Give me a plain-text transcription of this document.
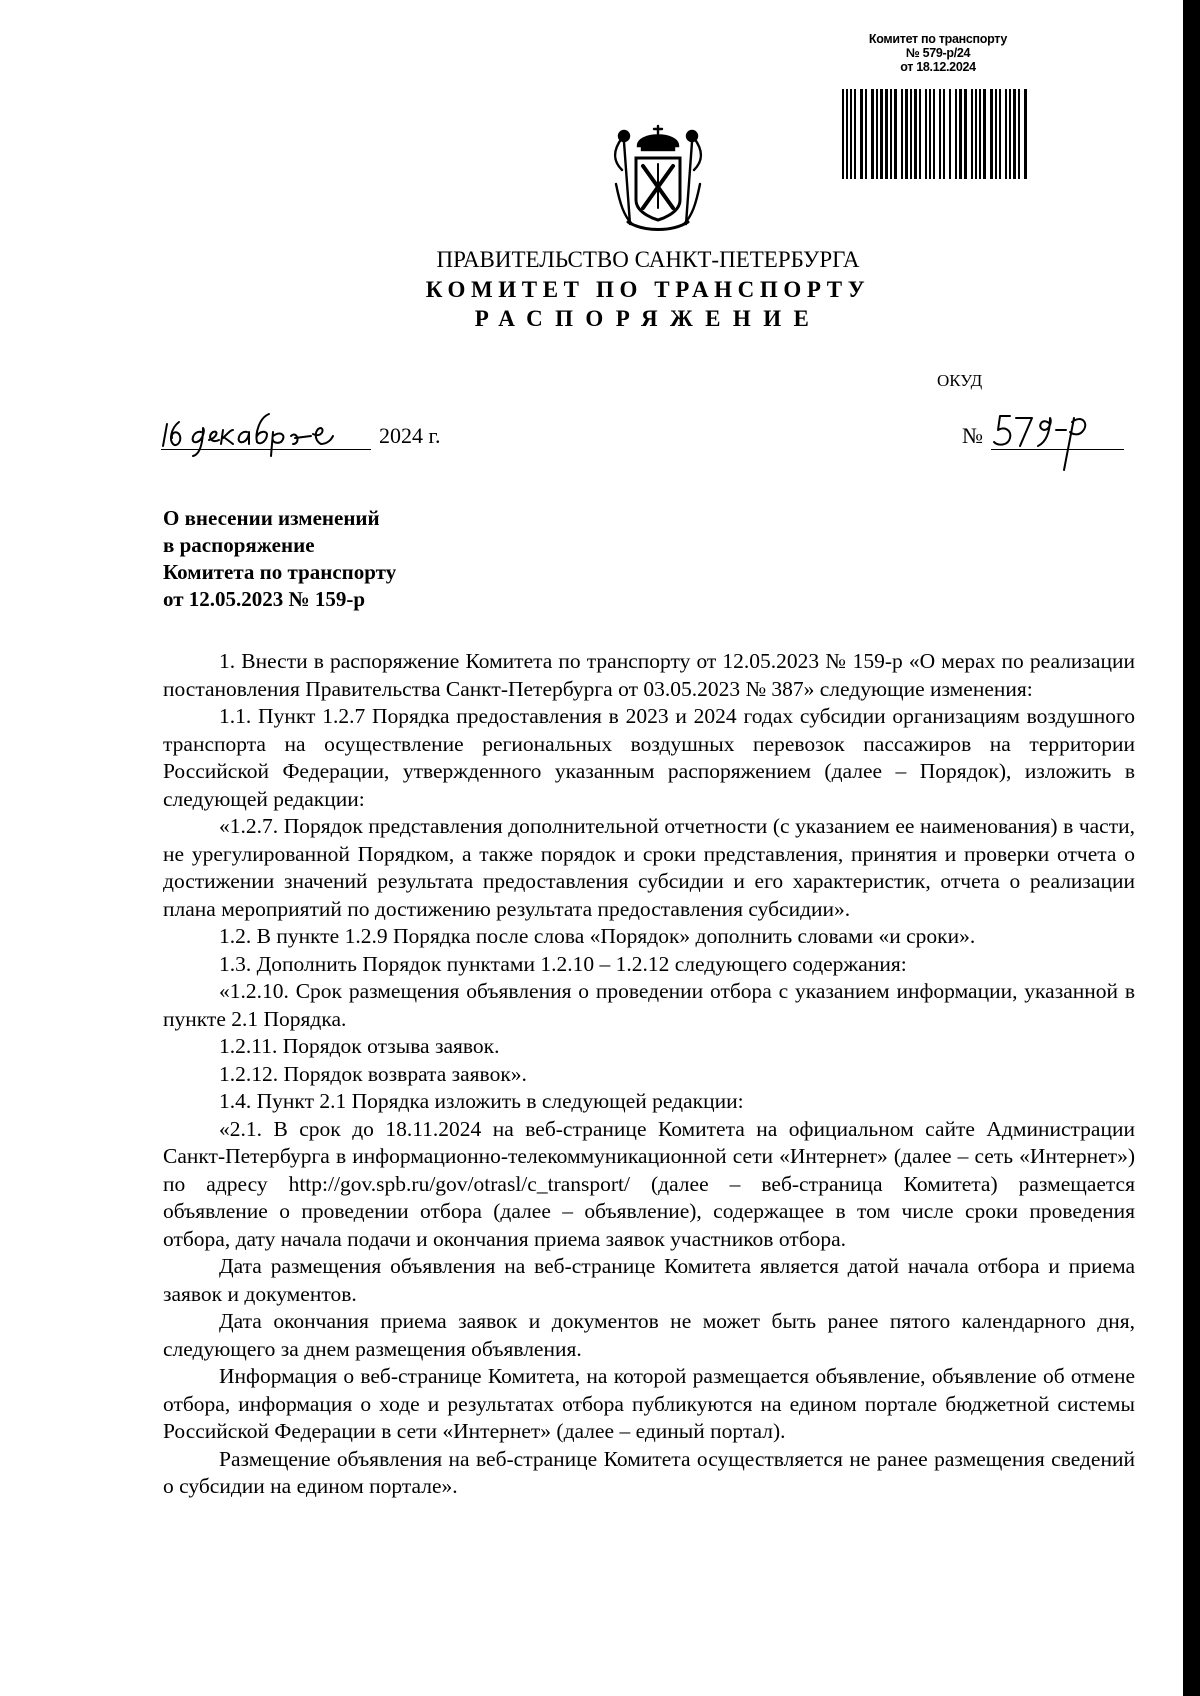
Комитет по транспорту
№ 579-р/24
от 18.12.2024
ПРАВИТЕЛЬСТВО САНКТ-ПЕТЕРБУРГА
КОМИТЕТ ПО ТРАНСПОРТУ
РАСПОРЯЖЕНИЕ
ОКУД
2024 г.	№
О внесении изменений
в распоряжение
Комитета по транспорту
от 12.05.2023 № 159-р

1. Внести в распоряжение Комитета по транспорту от 12.05.2023 № 159-р «О мерах по реализации постановления Правительства Санкт-Петербурга от 03.05.2023 № 387» следующие изменения:

1.1. Пункт 1.2.7 Порядка предоставления в 2023 и 2024 годах субсидии организациям воздушного транспорта на осуществление региональных воздушных перевозок пассажиров на территории Российской Федерации, утвержденного указанным распоряжением (далее – Порядок), изложить в следующей редакции:

«1.2.7. Порядок представления дополнительной отчетности (с указанием ее наименования) в части, не урегулированной Порядком, а также порядок и сроки представления, принятия и проверки отчета о достижении значений результата предоставления субсидии и его характеристик, отчета о реализации плана мероприятий по достижению результата предоставления субсидии».

1.2. В пункте 1.2.9 Порядка после слова «Порядок» дополнить словами «и сроки».

1.3. Дополнить Порядок пунктами 1.2.10 – 1.2.12 следующего содержания:

«1.2.10. Срок размещения объявления о проведении отбора с указанием информации, указанной в пункте 2.1 Порядка.

1.2.11. Порядок отзыва заявок.

1.2.12. Порядок возврата заявок».

1.4. Пункт 2.1 Порядка изложить в следующей редакции:

«2.1. В срок до 18.11.2024 на веб-странице Комитета на официальном сайте Администрации Санкт-Петербурга в информационно-телекоммуникационной сети «Интернет» (далее – сеть «Интернет») по адресу http://gov.spb.ru/gov/otrasl/c_transport/ (далее – веб-страница Комитета) размещается объявление о проведении отбора (далее – объявление), содержащее в том числе сроки проведения отбора, дату начала подачи и окончания приема заявок участников отбора.

Дата размещения объявления на веб-странице Комитета является датой начала отбора и приема заявок и документов.

Дата окончания приема заявок и документов не может быть ранее пятого календарного дня, следующего за днем размещения объявления.

Информация о веб-странице Комитета, на которой размещается объявление, объявление об отмене отбора, информация о ходе и результатах отбора публикуются на едином портале бюджетной системы Российской Федерации в сети «Интернет» (далее – единый портал).

Размещение объявления на веб-странице Комитета осуществляется не ранее размещения сведений о субсидии на едином портале».
